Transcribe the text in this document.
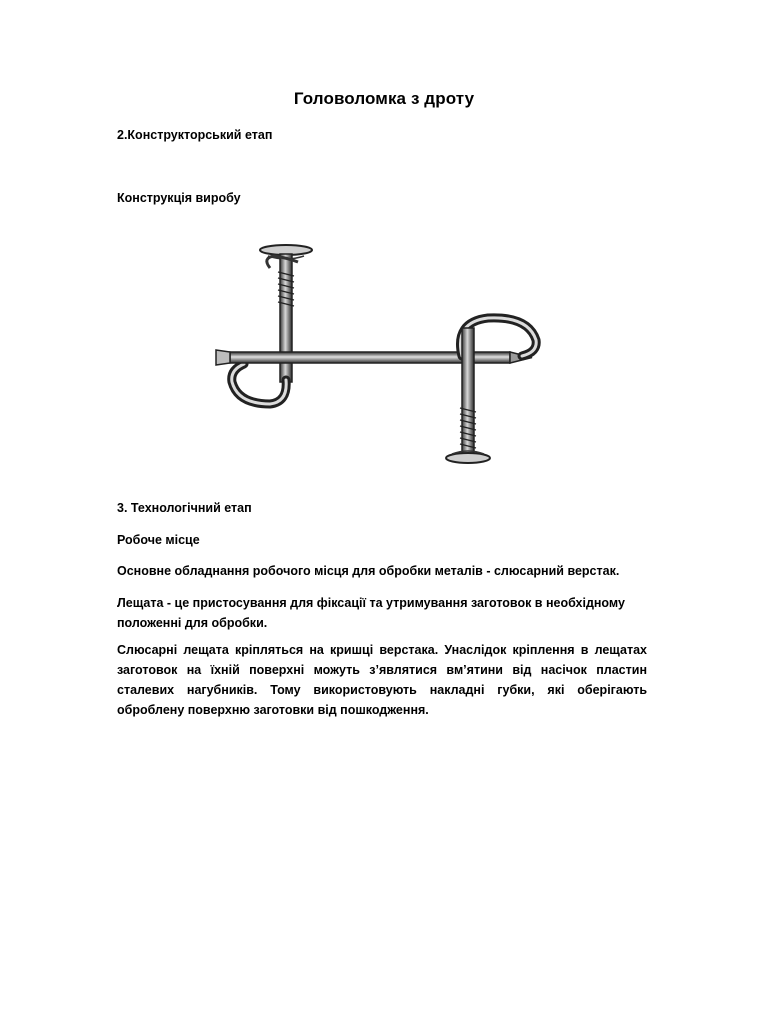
Головоломка з дроту
2.Конструкторський етап
Конструкція виробу
3. Технологічний етап
Робоче місце
Основне обладнання робочого місця для обробки металів - слюсарний верстак.
Лещата - це пристосування для фіксації та утримування заготовок в необхідному положенні для обробки.
Слюсарні лещата кріпляться на кришці верстака. Унаслідок кріплення в лещатах заготовок на їхній поверхні можуть з’являтися вм’ятини від насічок пластин сталевих нагубників. Тому використовують накладні губки, які оберігають оброблену поверхню заготовки від пошкодження.
